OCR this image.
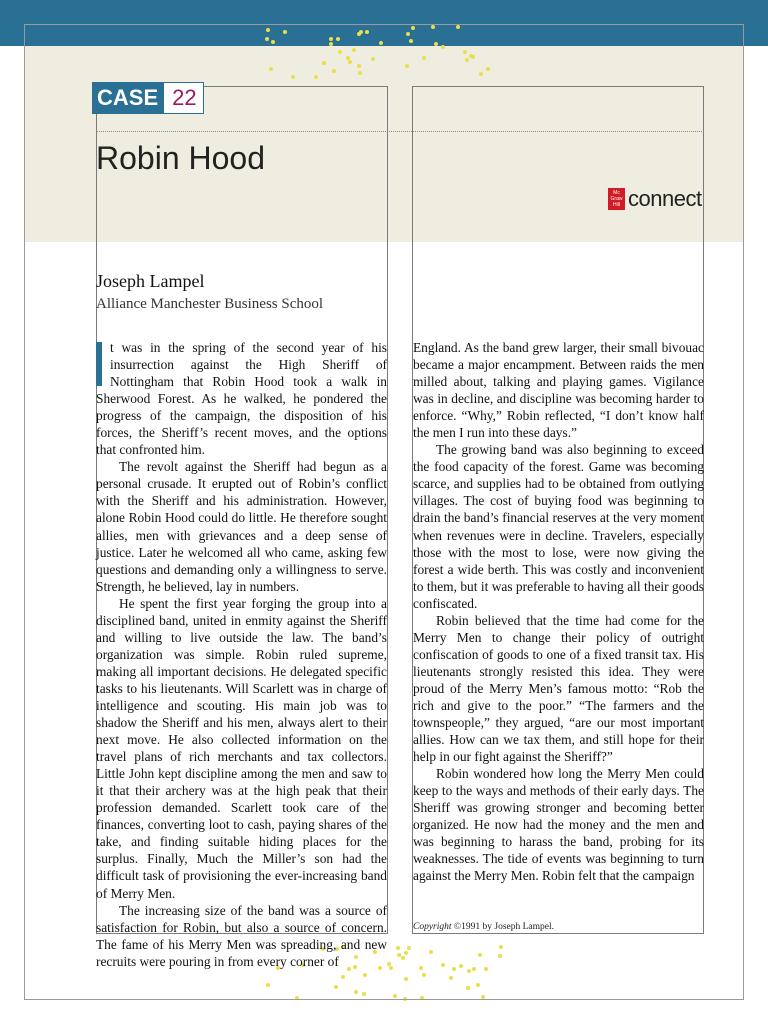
CASE 22
Robin Hood
Mc Graw Hill connect
Joseph Lampel
Alliance Manchester Business School

t was in the spring of the second year of his insurrection against the High Sheriff of Nottingham that Robin Hood took a walk in Sherwood Forest. As he walked, he pondered the progress of the campaign, the disposition of his forces, the Sheriff’s recent moves, and the options that confronted him.

The revolt against the Sheriff had begun as a personal crusade. It erupted out of Robin’s conflict with the Sheriff and his administration. However, alone Robin Hood could do little. He therefore sought allies, men with grievances and a deep sense of justice. Later he welcomed all who came, asking few questions and demanding only a willingness to serve. Strength, he believed, lay in numbers.

He spent the first year forging the group into a disciplined band, united in enmity against the Sheriff and willing to live outside the law. The band’s organization was simple. Robin ruled supreme, making all important decisions. He delegated specific tasks to his lieutenants. Will Scarlett was in charge of intelligence and scouting. His main job was to shadow the Sheriff and his men, always alert to their next move. He also collected information on the travel plans of rich merchants and tax collectors. Little John kept discipline among the men and saw to it that their archery was at the high peak that their profession demanded. Scarlett took care of the finances, converting loot to cash, paying shares of the take, and finding suitable hiding places for the surplus. Finally, Much the Miller’s son had the difficult task of provisioning the ever-increasing band of Merry Men.

The increasing size of the band was a source of satisfaction for Robin, but also a source of concern. The fame of his Merry Men was spreading, and new recruits were pouring in from every corner of

England. As the band grew larger, their small bivouac became a major encampment. Between raids the men milled about, talking and playing games. Vigilance was in decline, and discipline was becoming harder to enforce. “Why,” Robin reflected, “I don’t know half the men I run into these days.”

The growing band was also beginning to exceed the food capacity of the forest. Game was becoming scarce, and supplies had to be obtained from outlying villages. The cost of buying food was beginning to drain the band’s financial reserves at the very moment when revenues were in decline. Travelers, especially those with the most to lose, were now giving the forest a wide berth. This was costly and inconvenient to them, but it was preferable to having all their goods confiscated.

Robin believed that the time had come for the Merry Men to change their policy of outright confiscation of goods to one of a fixed transit tax. His lieutenants strongly resisted this idea. They were proud of the Merry Men’s famous motto: “Rob the rich and give to the poor.” “The farmers and the townspeople,” they argued, “are our most important allies. How can we tax them, and still hope for their help in our fight against the Sheriff?”

Robin wondered how long the Merry Men could keep to the ways and methods of their early days. The Sheriff was growing stronger and becoming better organized. He now had the money and the men and was beginning to harass the band, probing for its weaknesses. The tide of events was beginning to turn against the Merry Men. Robin felt that the campaign

Copyright ©1991 by Joseph Lampel.
